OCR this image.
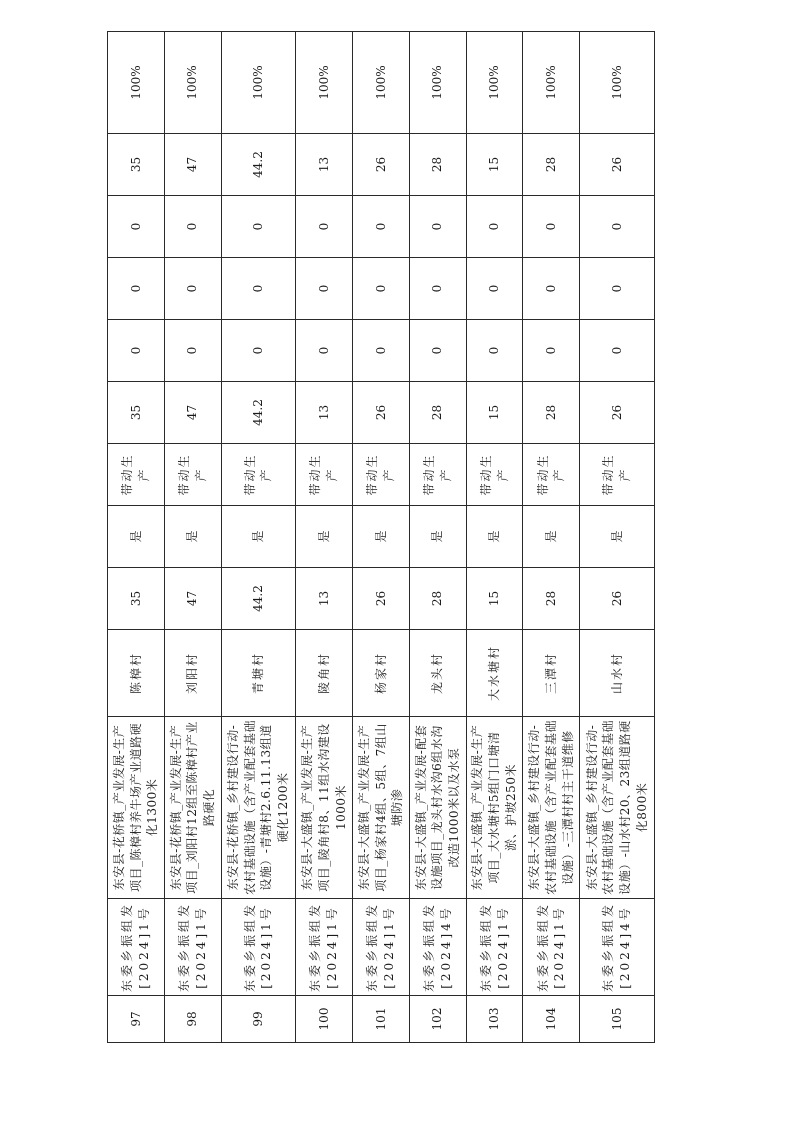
97	东委乡振组发[2024]1号	东安县-花桥镇_产业发展-生产项目_陈樟村养牛场产业道路硬化1300米	陈樟村	35	是	带动生产	35	0	0	0	35	100%
98	东委乡振组发[2024]1号	东安县-花桥镇_产业发展-生产项目_刘阳村12组至陈樟村产业路硬化	刘阳村	47	是	带动生产	47	0	0	0	47	100%
99	东委乡振组发[2024]1号	东安县-花桥镇_乡村建设行动-农村基础设施（含产业配套基础设施）-青塘村2.6.11.13组道硬化1200米	青塘村	44.2	是	带动生产	44.2	0	0	0	44.2	100%
100	东委乡振组发[2024]1号	东安县-大盛镇_产业发展-生产项目_陵角村8、11组水沟建设1000米	陵角村	13	是	带动生产	13	0	0	0	13	100%
101	东委乡振组发[2024]1号	东安县-大盛镇_产业发展-生产项目_杨家村4组、5组、7组山塘防渗	杨家村	26	是	带动生产	26	0	0	0	26	100%
102	东委乡振组发[2024]4号	东安县-大盛镇_产业发展-配套设施项目_龙头村水沟6组水沟改造1000米以及水泵	龙头村	28	是	带动生产	28	0	0	0	28	100%
103	东委乡振组发[2024]1号	东安县-大盛镇_产业发展-生产项目_大水塘村5组门口塘清淤、护坡250米	大水塘村	15	是	带动生产	15	0	0	0	15	100%
104	东委乡振组发[2024]1号	东安县-大盛镇_乡村建设行动-农村基础设施（含产业配套基础设施）-三潭村村主干道维修	三潭村	28	是	带动生产	28	0	0	0	28	100%
105	东委乡振组发[2024]4号	东安县-大盛镇_乡村建设行动-农村基础设施（含产业配套基础设施）-山水村20、23组道路硬化800米	山水村	26	是	带动生产	26	0	0	0	26	100%
